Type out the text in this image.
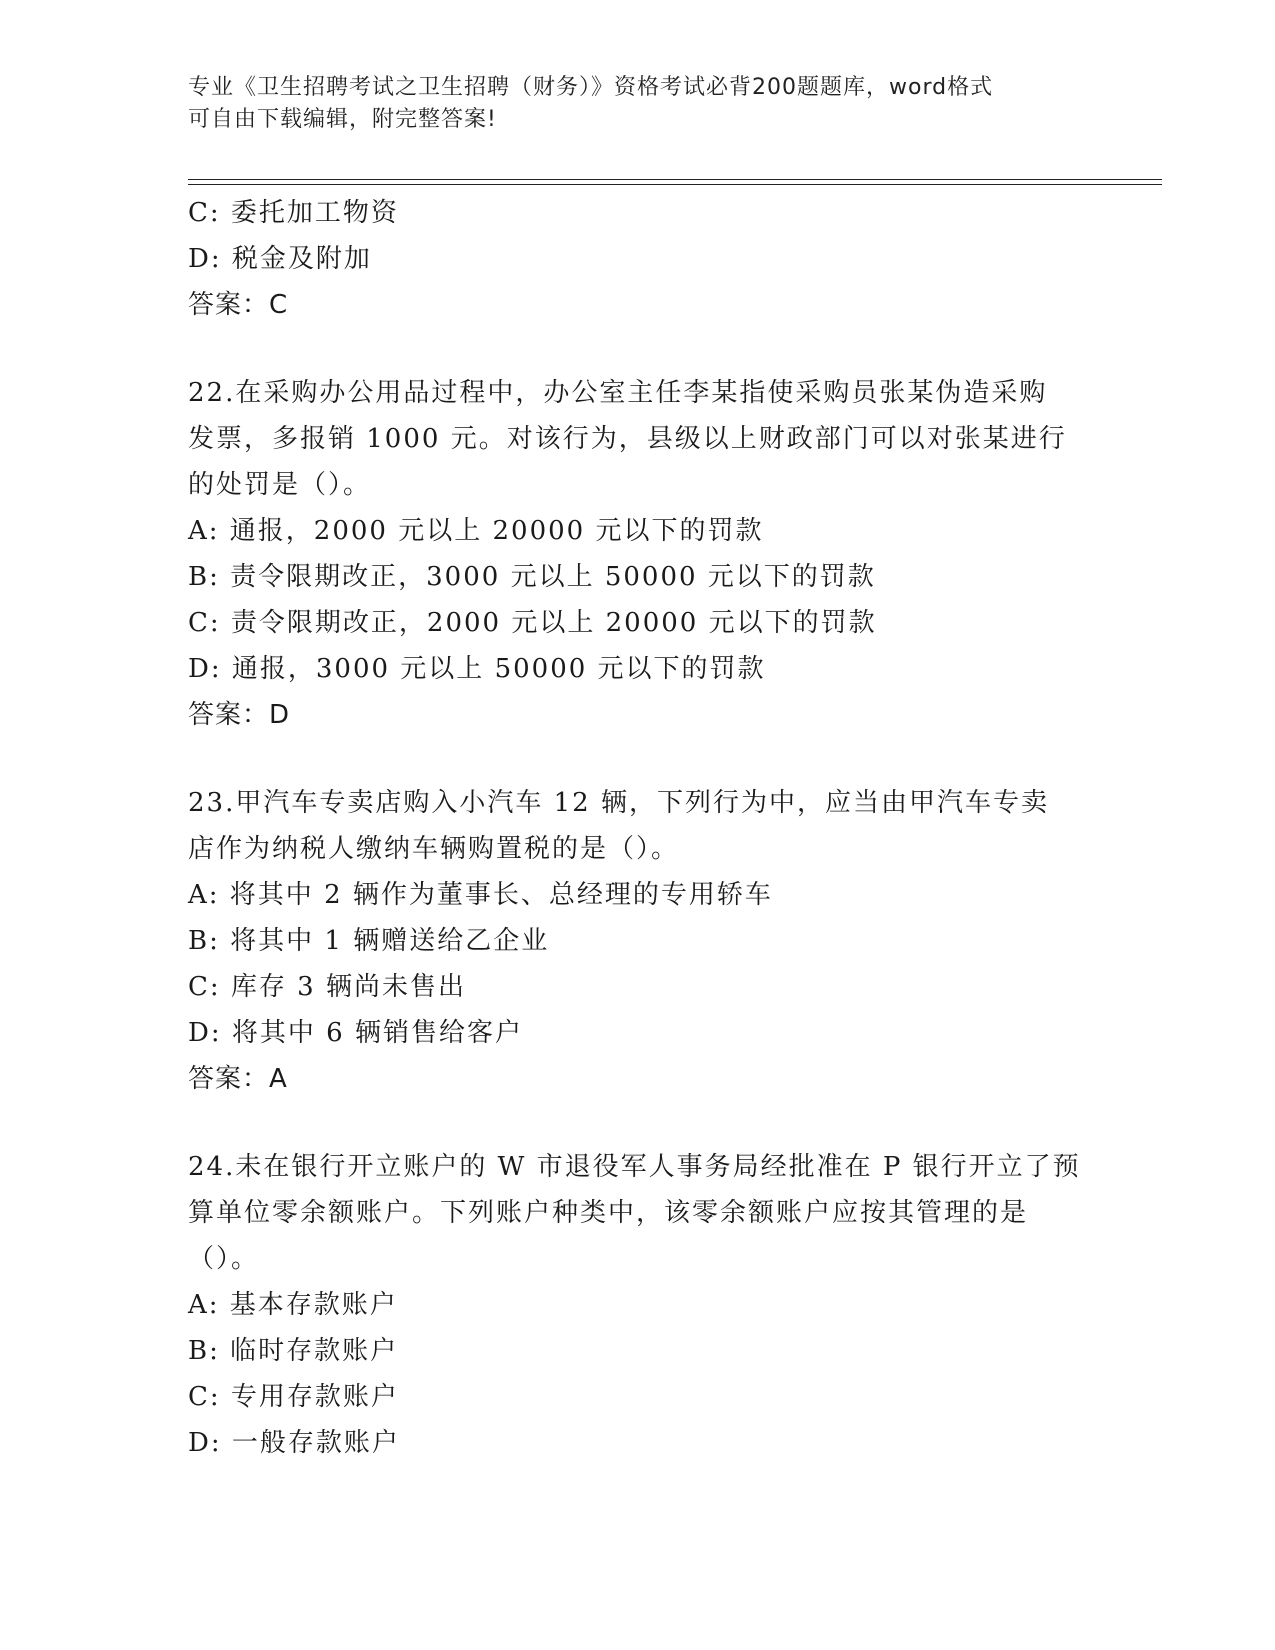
专业《卫生招聘考试之卫生招聘（财务）》资格考试必背200题题库，word格式
可自由下载编辑，附完整答案!
C: 委托加工物资
D: 税金及附加
答案：C
22.在采购办公用品过程中，办公室主任李某指使采购员张某伪造采购
发票，多报销 1000 元。对该行为，县级以上财政部门可以对张某进行
的处罚是（）。
A: 通报，2000 元以上 20000 元以下的罚款
B: 责令限期改正，3000 元以上 50000 元以下的罚款
C: 责令限期改正，2000 元以上 20000 元以下的罚款
D: 通报，3000 元以上 50000 元以下的罚款
答案：D
23.甲汽车专卖店购入小汽车 12 辆，下列行为中，应当由甲汽车专卖
店作为纳税人缴纳车辆购置税的是（）。
A: 将其中 2 辆作为董事长、总经理的专用轿车
B: 将其中 1 辆赠送给乙企业
C: 库存 3 辆尚未售出
D: 将其中 6 辆销售给客户
答案：A
24.未在银行开立账户的 W 市退役军人事务局经批准在 P 银行开立了预
算单位零余额账户。下列账户种类中，该零余额账户应按其管理的是
（）。
A: 基本存款账户
B: 临时存款账户
C: 专用存款账户
D: 一般存款账户
